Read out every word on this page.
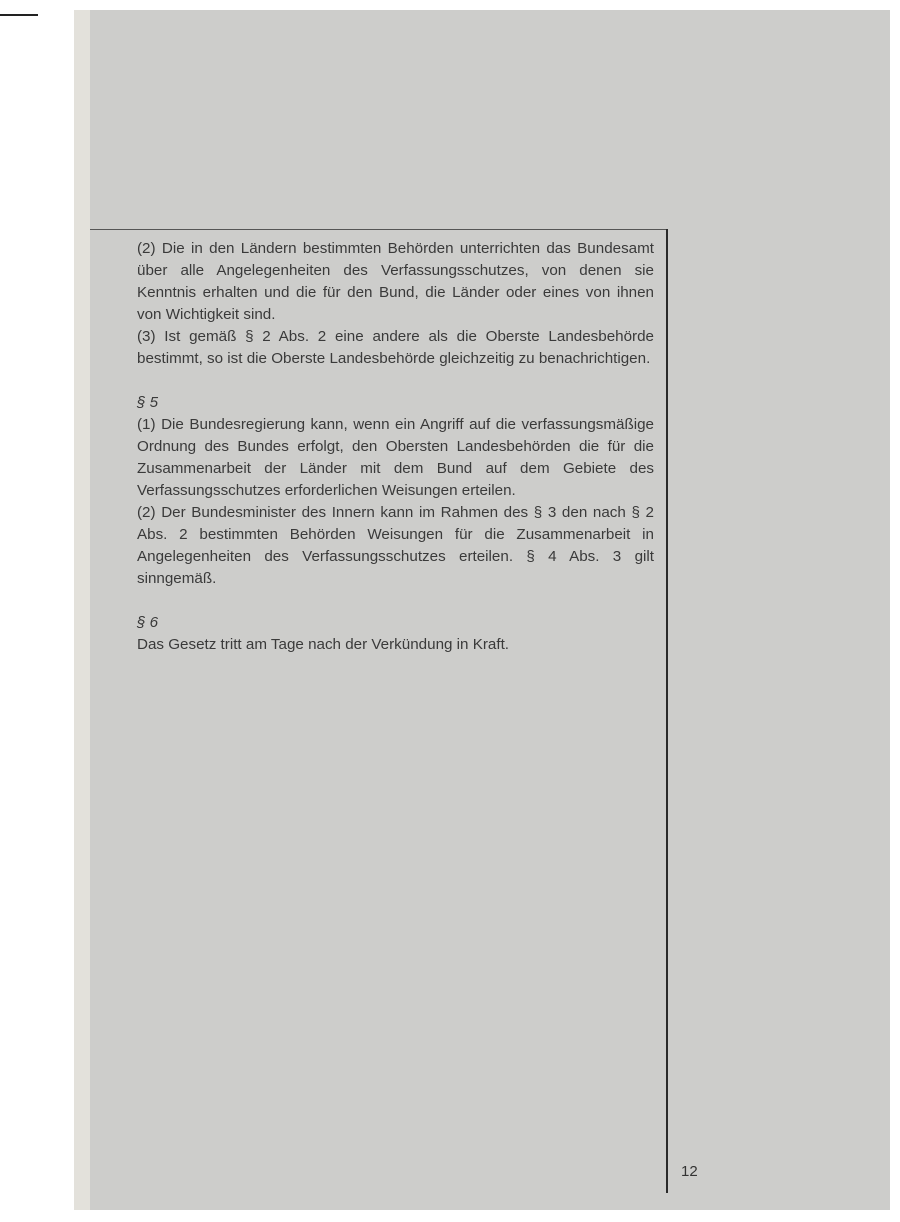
(2) Die in den Ländern bestimmten Behörden unterrichten das Bundesamt über alle Angelegenheiten des Verfassungsschutzes, von denen sie Kenntnis erhalten und die für den Bund, die Länder oder eines von ihnen von Wichtigkeit sind.

(3) Ist gemäß § 2 Abs. 2 eine andere als die Oberste Landesbehörde bestimmt, so ist die Oberste Landesbehörde gleichzeitig zu benachrichtigen.

§ 5

(1) Die Bundesregierung kann, wenn ein Angriff auf die verfassungsmäßige Ordnung des Bundes erfolgt, den Obersten Landesbehörden die für die Zusammenarbeit der Länder mit dem Bund auf dem Gebiete des Verfassungsschutzes erforderlichen Weisungen erteilen.

(2) Der Bundesminister des Innern kann im Rahmen des § 3 den nach § 2 Abs. 2 bestimmten Behörden Weisungen für die Zusammenarbeit in Angelegenheiten des Verfassungsschutzes erteilen. § 4 Abs. 3 gilt sinngemäß.

§ 6

Das Gesetz tritt am Tage nach der Verkündung in Kraft.

12
